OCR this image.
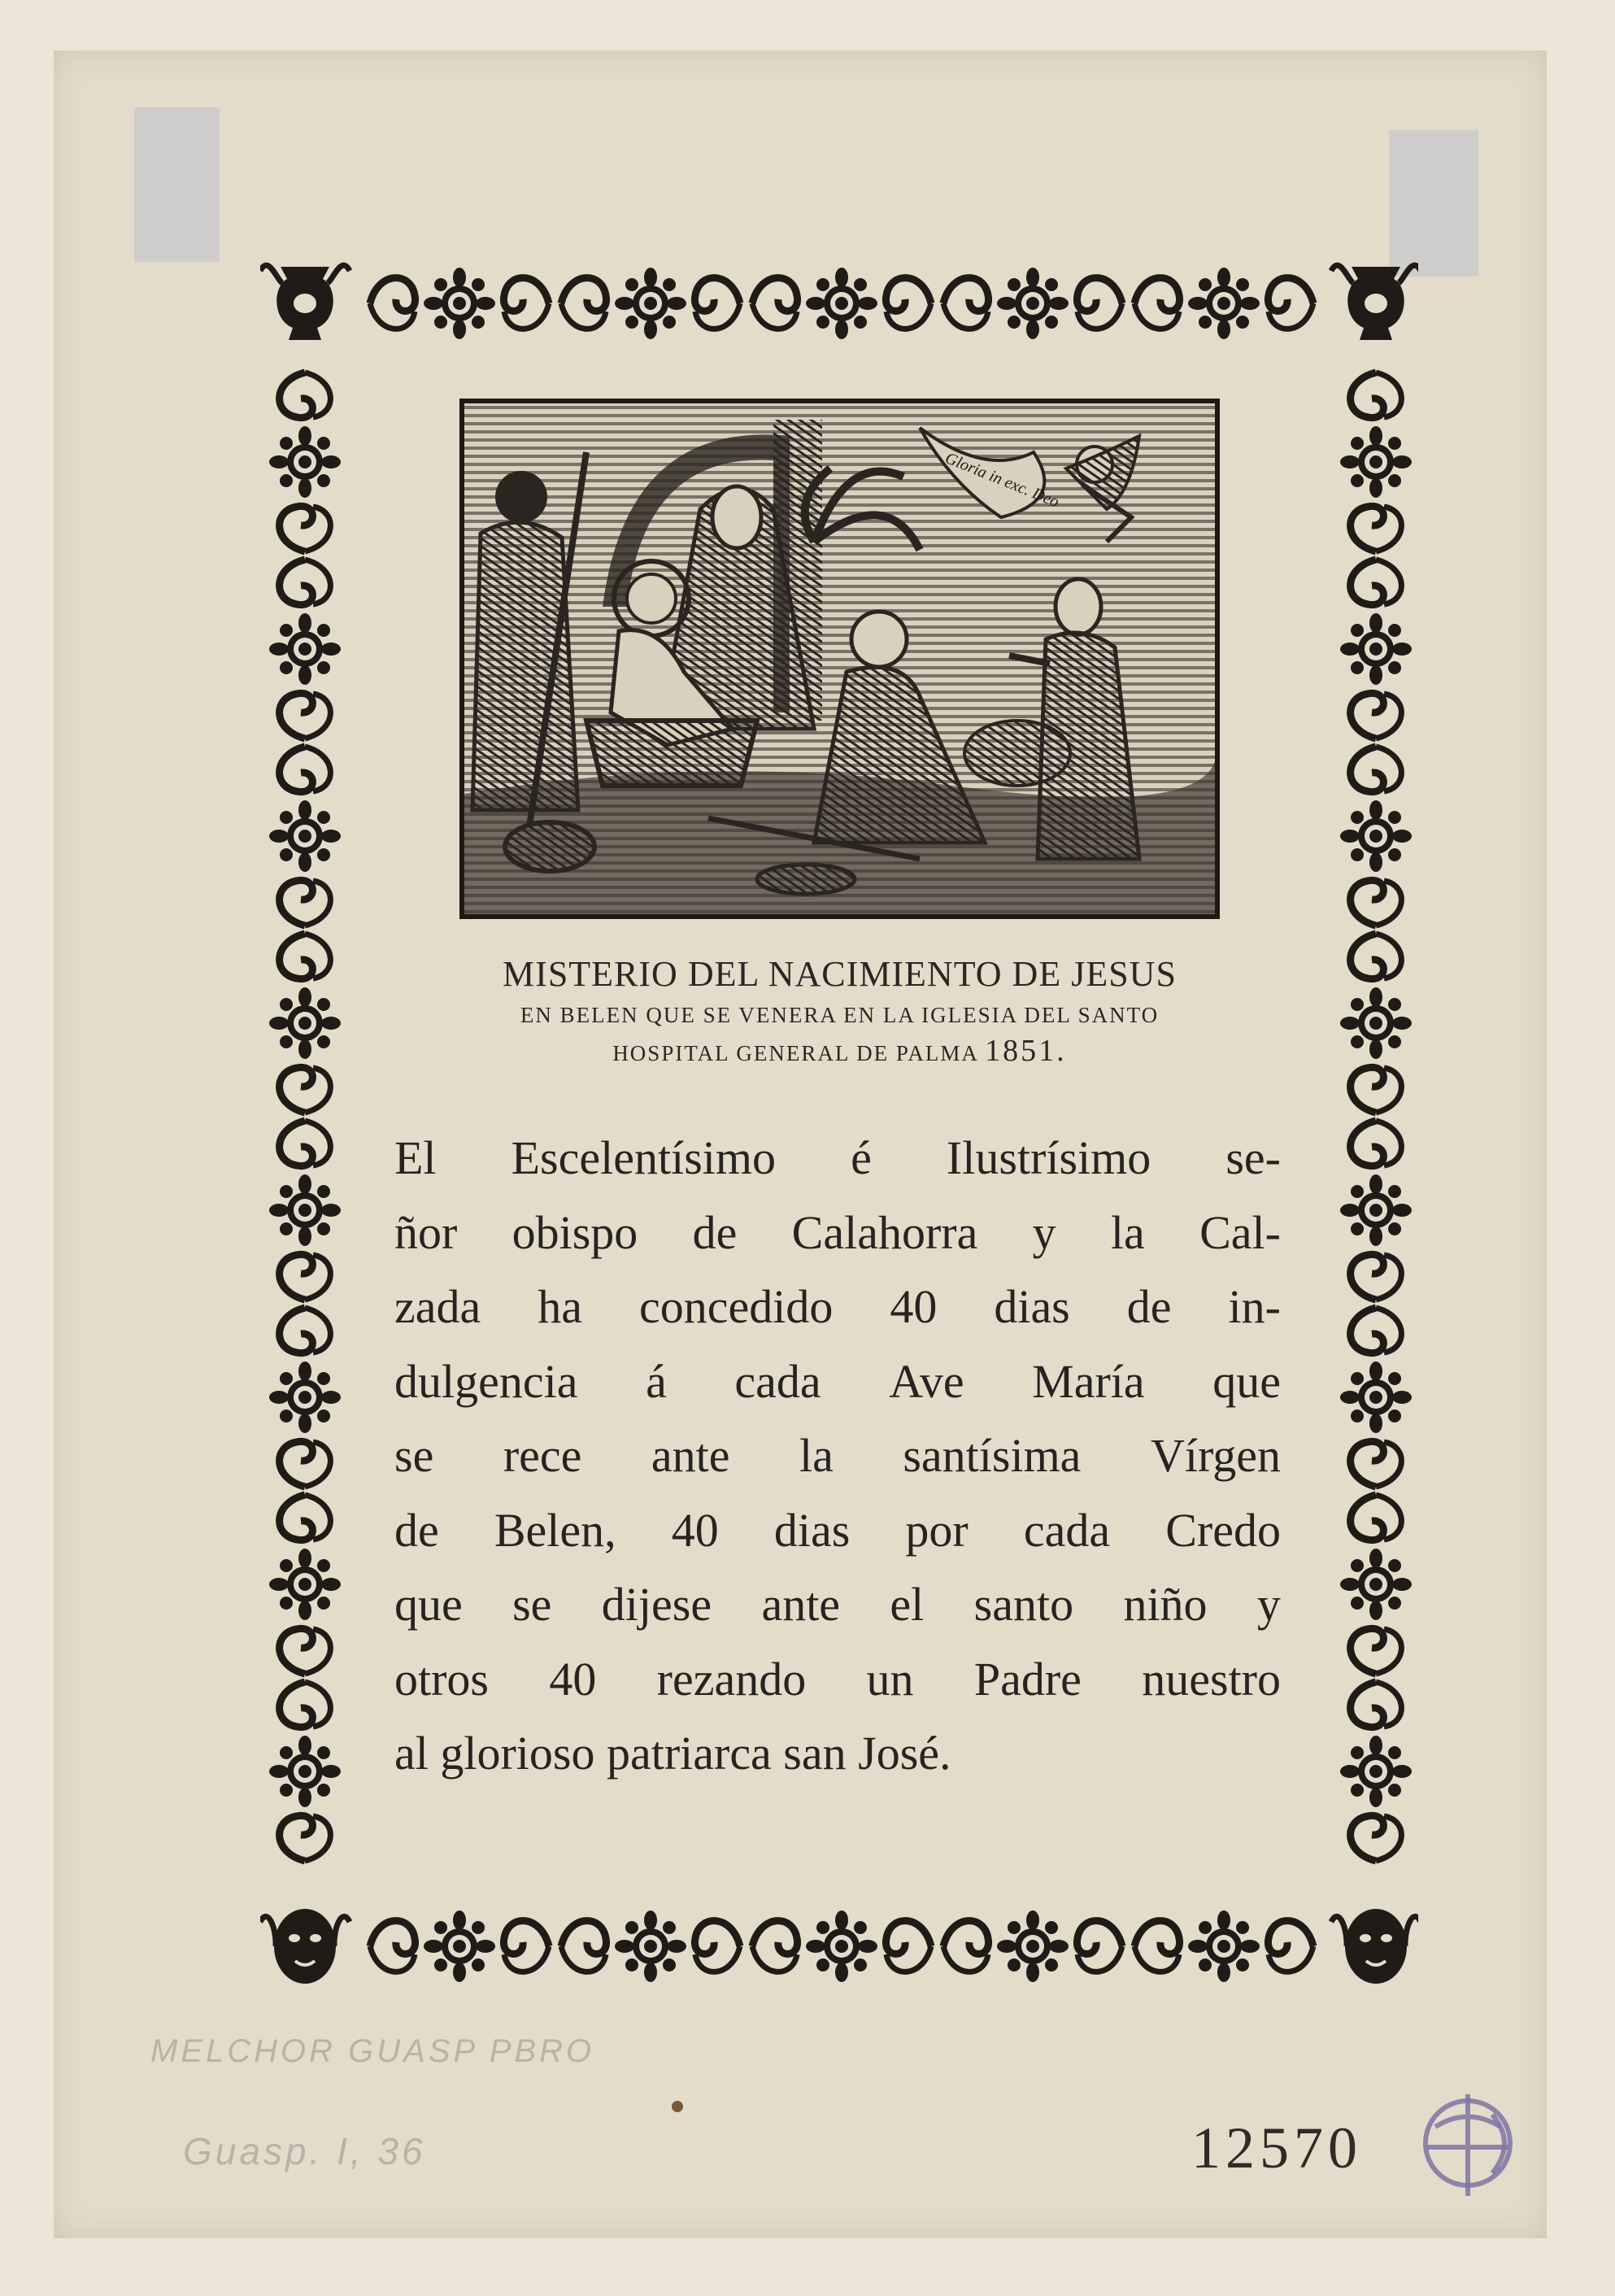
Gloria in exc. Deo
MISTERIO DEL NACIMIENTO DE JESUS
EN BELEN QUE SE VENERA EN LA IGLESIA DEL SANTO
HOSPITAL GENERAL DE PALMA 1851.
El Escelentísimo é Ilustrísimo se-
ñor obispo de Calahorra y la Cal-
zada ha concedido 40 dias de in-
dulgencia á cada Ave María que
se rece ante la santísima Vírgen
de Belen, 40 dias por cada Credo
que se dijese ante el santo niño y
otros 40 rezando un Padre nuestro
al glorioso patriarca san José.
MELCHOR GUASP PBRO
Guasp. I, 36	12570
